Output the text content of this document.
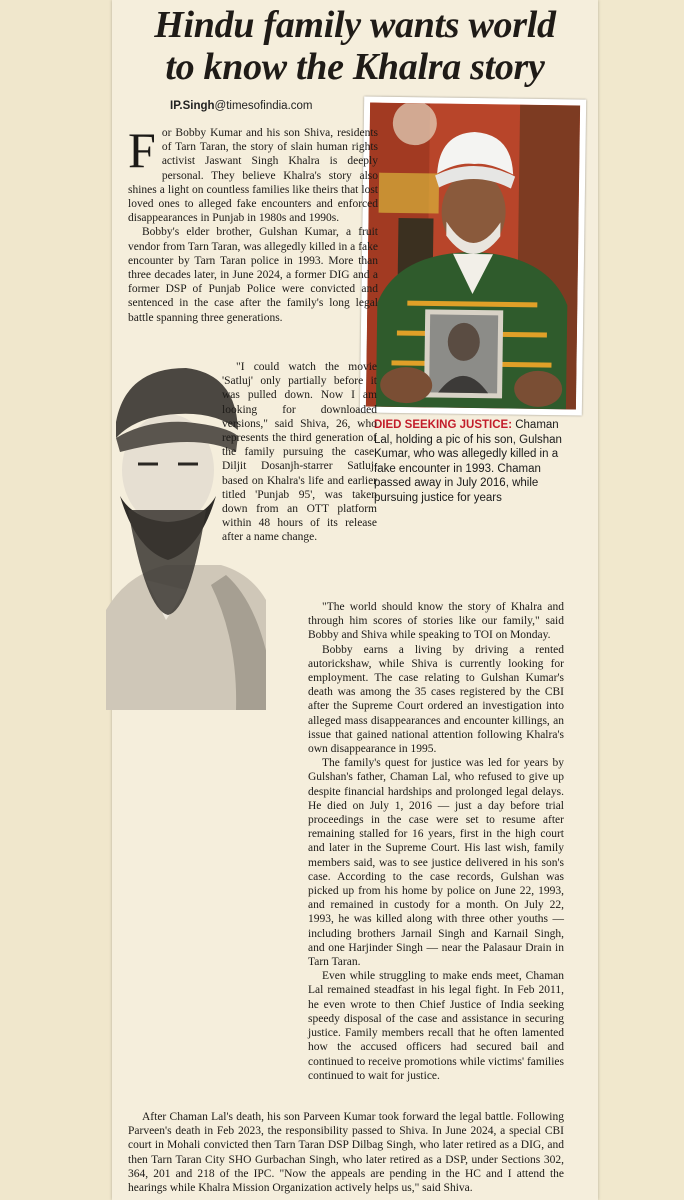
Hindu family wants world
to know the Khalra story
IP.Singh@timesofindia.com
DIED SEEKING JUSTICE: Chaman Lal, holding a pic of his son, Gulshan Kumar, who was allegedly killed in a fake encounter in 1993. Chaman passed away in July 2016, while pursuing justice for years

For Bobby Kumar and his son Shiva, residents of Tarn Taran, the story of slain human rights activist Jaswant Singh Khalra is deeply personal. They believe Khalra's story also shines a light on countless families like theirs that lost loved ones to alleged fake encounters and enforced disappearances in Punjab in 1980s and 1990s.

Bobby's elder brother, Gulshan Kumar, a fruit vendor from Tarn Taran, was allegedly killed in a fake encounter by Tarn Taran police in 1993. More than three decades later, in June 2024, a former DIG and a former DSP of Punjab Police were convicted and sentenced in the case after the family's long legal battle spanning three generations.

"I could watch the movie 'Satluj' only partially before it was pulled down. Now I am looking for downloaded versions," said Shiva, 26, who represents the third generation of the family pursuing the case. Diljit Dosanjh-starrer Satluj, based on Khalra's life and earlier titled 'Punjab 95', was taken down from an OTT platform within 48 hours of its release after a name change.

"The world should know the story of Khalra and through him scores of stories like our family," said Bobby and Shiva while speaking to TOI on Monday.

Bobby earns a living by driving a rented autorickshaw, while Shiva is currently looking for employment. The case relating to Gulshan Kumar's death was among the 35 cases registered by the CBI after the Supreme Court ordered an investigation into alleged mass disappearances and encounter killings, an issue that gained national attention following Khalra's own disappearance in 1995.

The family's quest for justice was led for years by Gulshan's father, Chaman Lal, who refused to give up despite financial hardships and prolonged legal delays. He died on July 1, 2016 — just a day before trial proceedings in the case were set to resume after remaining stalled for 16 years, first in the high court and later in the Supreme Court. His last wish, family members said, was to see justice delivered in his son's case. According to the case records, Gulshan was picked up from his home by police on June 22, 1993, and remained in custody for a month. On July 22, 1993, he was killed along with three other youths — including brothers Jarnail Singh and Karnail Singh, and one Harjinder Singh — near the Palasaur Drain in Tarn Taran.

Even while struggling to make ends meet, Chaman Lal remained steadfast in his legal fight. In Feb 2011, he even wrote to then Chief Justice of India seeking speedy disposal of the case and assistance in securing justice. Family members recall that he often lamented how the accused officers had secured bail and continued to receive promotions while victims' families continued to wait for justice.

After Chaman Lal's death, his son Parveen Kumar took forward the legal battle. Following Parveen's death in Feb 2023, the responsibility passed to Shiva. In June 2024, a special CBI court in Mohali convicted then Tarn Taran DSP Dilbag Singh, who later retired as a DIG, and then Tarn Taran City SHO Gurbachan Singh, who later retired as a DSP, under Sections 302, 364, 201 and 218 of the IPC. "Now the appeals are pending in the HC and I attend the hearings while Khalra Mission Organization actively helps us," said Shiva.
